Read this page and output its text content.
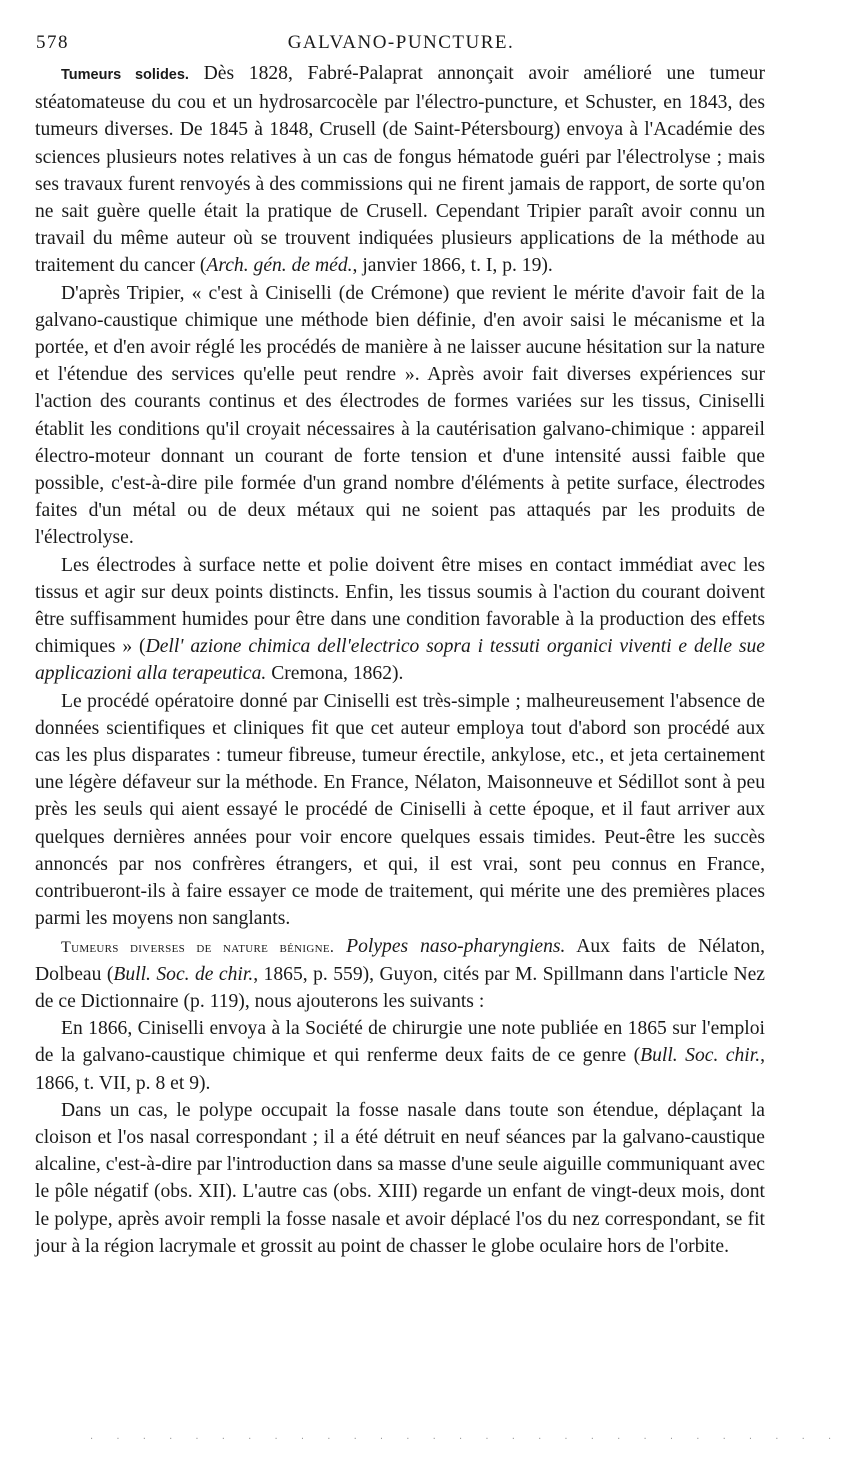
578	GALVANO-PUNCTURE.

Tumeurs solides. Dès 1828, Fabré-Palaprat annonçait avoir amélioré une tumeur stéatomateuse du cou et un hydrosarcocèle par l'électro-puncture, et Schuster, en 1843, des tumeurs diverses. De 1845 à 1848, Crusell (de Saint-Pétersbourg) envoya à l'Académie des sciences plusieurs notes relatives à un cas de fongus hématode guéri par l'électrolyse ; mais ses travaux furent renvoyés à des commissions qui ne firent jamais de rapport, de sorte qu'on ne sait guère quelle était la pratique de Crusell. Cependant Tripier paraît avoir connu un travail du même auteur où se trouvent indiquées plusieurs applications de la méthode au traitement du cancer (Arch. gén. de méd., janvier 1866, t. I, p. 19).

D'après Tripier, « c'est à Ciniselli (de Crémone) que revient le mérite d'avoir fait de la galvano-caustique chimique une méthode bien définie, d'en avoir saisi le mécanisme et la portée, et d'en avoir réglé les procédés de manière à ne laisser aucune hésitation sur la nature et l'étendue des services qu'elle peut rendre ». Après avoir fait diverses expériences sur l'action des courants continus et des électrodes de formes variées sur les tissus, Ciniselli établit les conditions qu'il croyait nécessaires à la cautérisation galvano-chimique : appareil électro-moteur donnant un courant de forte tension et d'une intensité aussi faible que possible, c'est-à-dire pile formée d'un grand nombre d'éléments à petite surface, électrodes faites d'un métal ou de deux métaux qui ne soient pas attaqués par les produits de l'électrolyse.

Les électrodes à surface nette et polie doivent être mises en contact immédiat avec les tissus et agir sur deux points distincts. Enfin, les tissus soumis à l'action du courant doivent être suffisamment humides pour être dans une condition favorable à la production des effets chimiques » (Dell' azione chimica dell'electrico sopra i tessuti organici viventi e delle sue applicazioni alla terapeutica. Cremona, 1862).

Le procédé opératoire donné par Ciniselli est très-simple ; malheureusement l'absence de données scientifiques et cliniques fit que cet auteur employa tout d'abord son procédé aux cas les plus disparates : tumeur fibreuse, tumeur érectile, ankylose, etc., et jeta certainement une légère défaveur sur la méthode. En France, Nélaton, Maisonneuve et Sédillot sont à peu près les seuls qui aient essayé le procédé de Ciniselli à cette époque, et il faut arriver aux quelques dernières années pour voir encore quelques essais timides. Peut-être les succès annoncés par nos confrères étrangers, et qui, il est vrai, sont peu connus en France, contribueront-ils à faire essayer ce mode de traitement, qui mérite une des premières places parmi les moyens non sanglants.

Tumeurs diverses de nature bénigne. Polypes naso-pharyngiens. Aux faits de Nélaton, Dolbeau (Bull. Soc. de chir., 1865, p. 559), Guyon, cités par M. Spillmann dans l'article Nez de ce Dictionnaire (p. 119), nous ajouterons les suivants :

En 1866, Ciniselli envoya à la Société de chirurgie une note publiée en 1865 sur l'emploi de la galvano-caustique chimique et qui renferme deux faits de ce genre (Bull. Soc. chir., 1866, t. VII, p. 8 et 9).

Dans un cas, le polype occupait la fosse nasale dans toute son étendue, déplaçant la cloison et l'os nasal correspondant ; il a été détruit en neuf séances par la galvano-caustique alcaline, c'est-à-dire par l'introduction dans sa masse d'une seule aiguille communiquant avec le pôle négatif (obs. XII). L'autre cas (obs. XIII) regarde un enfant de vingt-deux mois, dont le polype, après avoir rempli la fosse nasale et avoir déplacé l'os du nez correspondant, se fit jour à la région lacrymale et grossit au point de chasser le globe oculaire hors de l'orbite.

· · · · · · · · · · · · · · · · · · · · · · · · · · · · ·
